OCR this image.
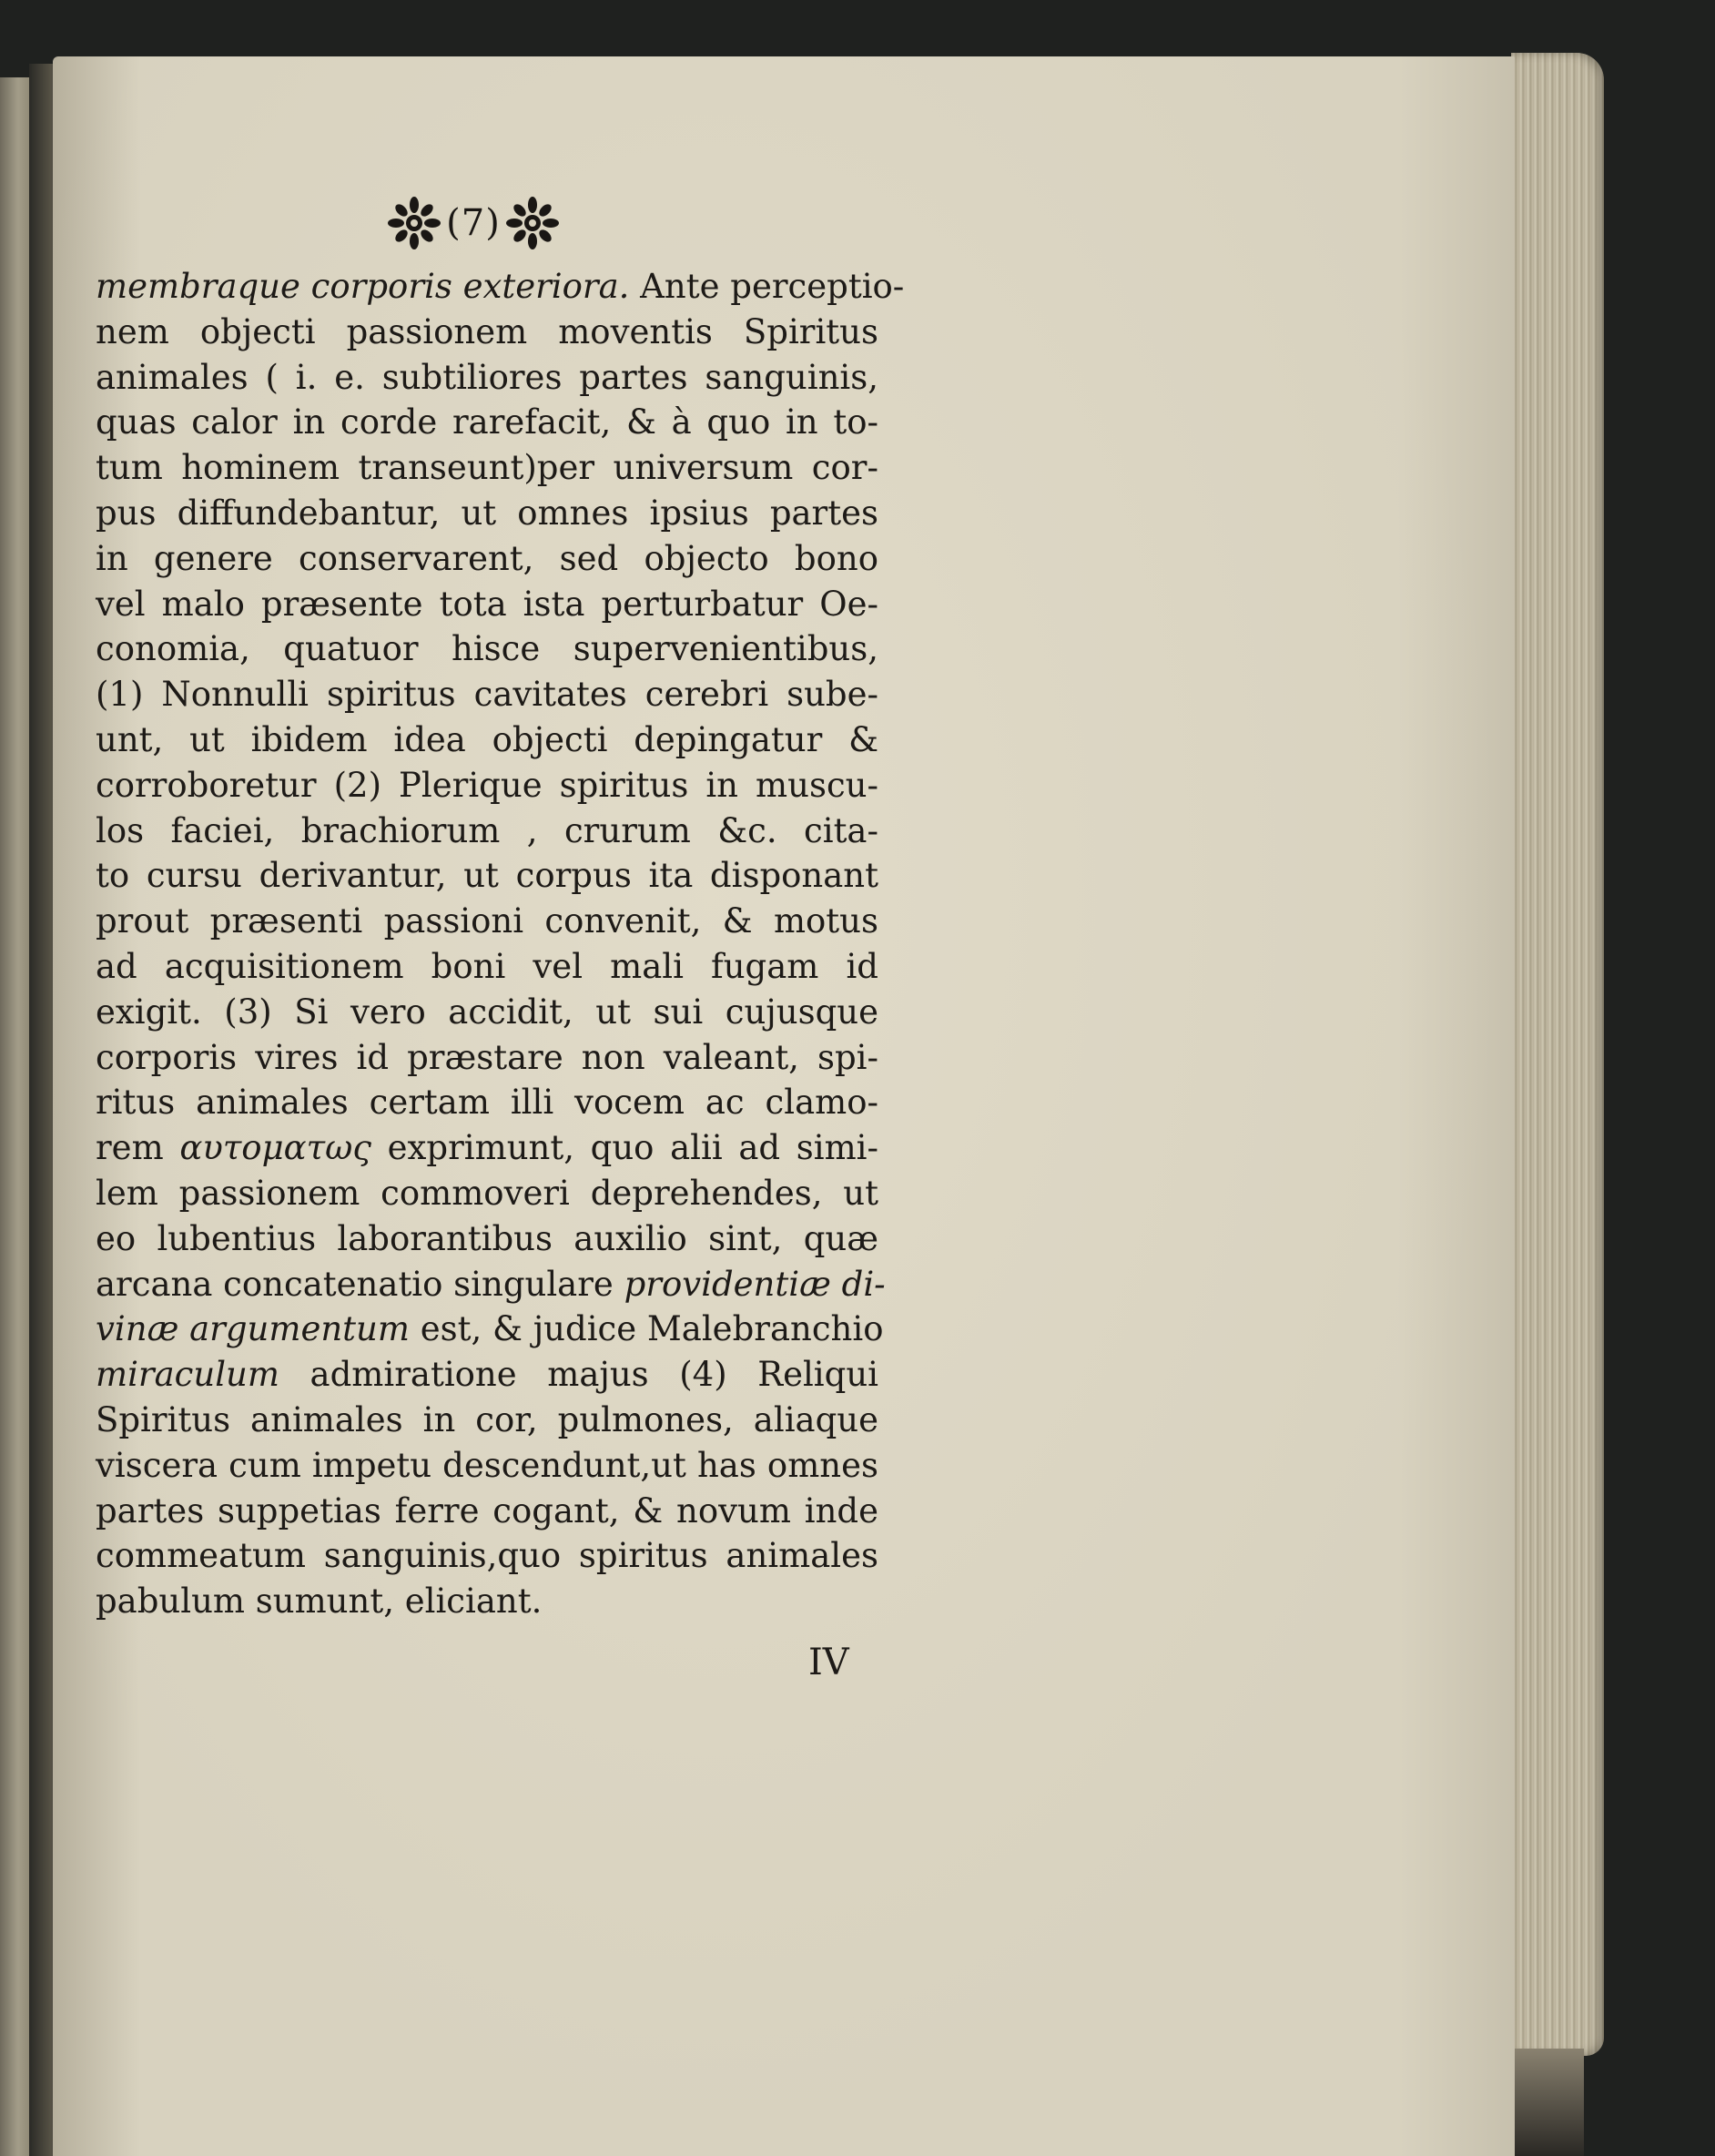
(7)
membraque corporis exteriora. Ante perceptio-
nem objecti passionem moventis Spiritus
animales ( i. e. subtiliores partes sanguinis,
quas calor in corde rarefacit, & à quo in to-
tum hominem transeunt)per universum cor-
pus diffundebantur, ut omnes ipsius partes
in genere conservarent, sed objecto bono
vel malo præsente tota ista perturbatur Oe-
conomia, quatuor hisce supervenientibus,
(1) Nonnulli spiritus cavitates cerebri sube-
unt, ut ibidem idea objecti depingatur &
corroboretur (2) Plerique spiritus in muscu-
los faciei, brachiorum , crurum &c. cita-
to cursu derivantur, ut corpus ita disponant
prout præsenti passioni convenit, & motus
ad acquisitionem boni vel mali fugam id
exigit. (3) Si vero accidit, ut sui cujusque
corporis vires id præstare non valeant, spi-
ritus animales certam illi vocem ac clamo-
rem αυτοματως exprimunt, quo alii ad simi-
lem passionem commoveri deprehendes, ut
eo lubentius laborantibus auxilio sint, quæ
arcana concatenatio singulare providentiæ di-
vinæ argumentum est, & judice Malebranchio
miraculum admiratione majus (4) Reliqui
Spiritus animales in cor, pulmones, aliaque
viscera cum impetu descendunt,ut has omnes
partes suppetias ferre cogant, & novum inde
commeatum sanguinis,quo spiritus animales
pabulum sumunt, eliciant.
IV
